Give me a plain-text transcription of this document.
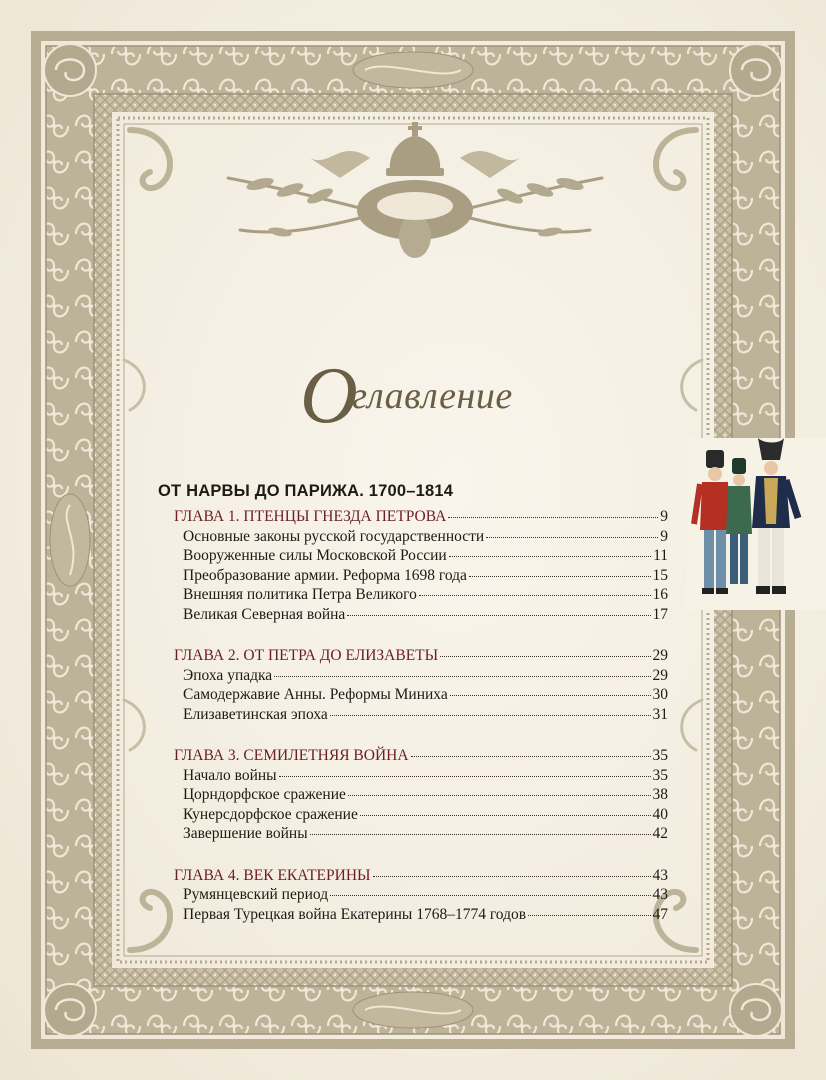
Оглавление
ОТ НАРВЫ ДО ПАРИЖА. 1700–1814
ГЛАВА 1. ПТЕНЦЫ ГНЕЗДА ПЕТРОВА	9
Основные законы русской государственности	9
Вооруженные силы Московской России	11
Преобразование армии. Реформа 1698 года	15
Внешняя политика Петра Великого	16
Великая Северная война	17
ГЛАВА 2. ОТ ПЕТРА ДО ЕЛИЗАВЕТЫ	29
Эпоха упадка	29
Самодержавие Анны. Реформы Миниха	30
Елизаветинская эпоха	31
ГЛАВА 3. СЕМИЛЕТНЯЯ ВОЙНА	35
Начало войны	35
Цорндорфское сражение	38
Кунерсдорфское сражение	40
Завершение войны	42
ГЛАВА 4. ВЕК ЕКАТЕРИНЫ	43
Румянцевский период	43
Первая Турецкая война Екатерины 1768–1774 годов	47
